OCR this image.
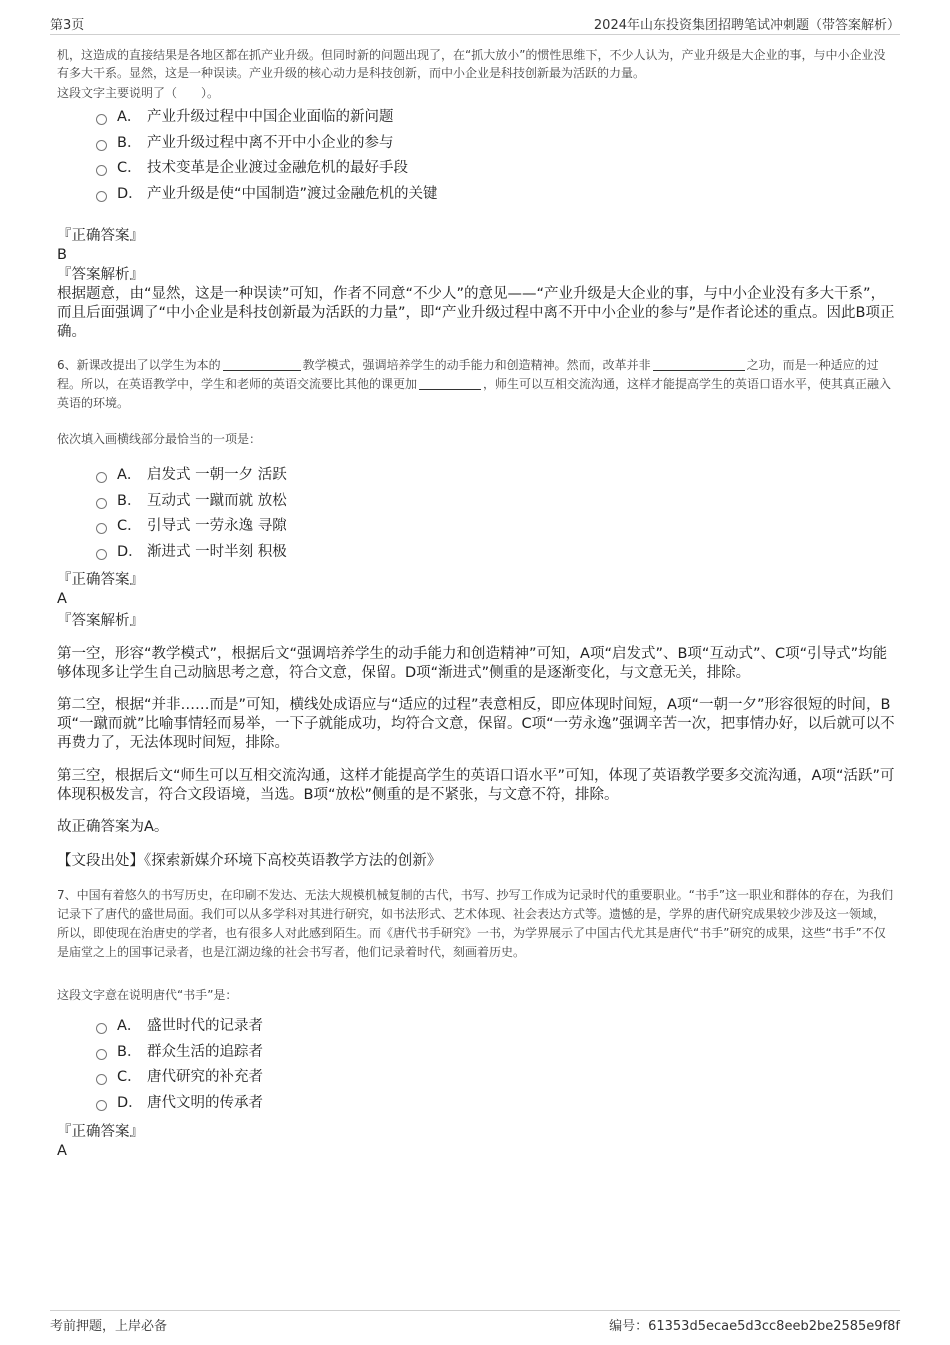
第3页	2024年山东投资集团招聘笔试冲刺题（带答案解析）
机，这造成的直接结果是各地区都在抓产业升级。但同时新的问题出现了，在“抓大放小”的惯性思维下，不少人认为，产业升级是大企业的事，与中小企业没有多大干系。显然，这是一种误读。产业升级的核心动力是科技创新，而中小企业是科技创新最为活跃的力量。
这段文字主要说明了（　　）。
A． 产业升级过程中中国企业面临的新问题
B． 产业升级过程中离不开中小企业的参与
C． 技术变革是企业渡过金融危机的最好手段
D． 产业升级是使“中国制造”渡过金融危机的关键
『正确答案』
B
『答案解析』
根据题意，由“显然，这是一种误读”可知，作者不同意“不少人”的意见——“产业升级是大企业的事，与中小企业没有多大干系”，而且后面强调了“中小企业是科技创新最为活跃的力量”，即“产业升级过程中离不开中小企业的参与”是作者论述的重点。因此B项正确。
6、新课改提出了以学生为本的	教学模式，强调培养学生的动手能力和创造精神。然而，改革并非	之功，而是一种适应的过程。所以，在英语教学中，学生和老师的英语交流要比其他的课更加	，师生可以互相交流沟通，这样才能提高学生的英语口语水平，使其真正融入英语的环境。
依次填入画横线部分最恰当的一项是：
A． 启发式 一朝一夕 活跃
B． 互动式 一蹴而就 放松
C． 引导式 一劳永逸 寻隙
D． 渐进式 一时半刻 积极
『正确答案』
A
『答案解析』
第一空，形容“教学模式”，根据后文“强调培养学生的动手能力和创造精神”可知，A项“启发式”、B项“互动式”、C项“引导式”均能够体现多让学生自己动脑思考之意，符合文意，保留。D项“渐进式”侧重的是逐渐变化，与文意无关，排除。
第二空，根据“并非……而是”可知，横线处成语应与“适应的过程”表意相反，即应体现时间短，A项“一朝一夕”形容很短的时间，B项“一蹴而就”比喻事情轻而易举，一下子就能成功，均符合文意，保留。C项“一劳永逸”强调辛苦一次，把事情办好，以后就可以不再费力了，无法体现时间短，排除。
第三空，根据后文“师生可以互相交流沟通，这样才能提高学生的英语口语水平”可知，体现了英语教学要多交流沟通，A项“活跃”可体现积极发言，符合文段语境，当选。B项“放松”侧重的是不紧张，与文意不符，排除。
故正确答案为A。
【文段出处】《探索新媒介环境下高校英语教学方法的创新》
7、中国有着悠久的书写历史，在印刷不发达、无法大规模机械复制的古代，书写、抄写工作成为记录时代的重要职业。“书手”这一职业和群体的存在，为我们记录下了唐代的盛世局面。我们可以从多学科对其进行研究，如书法形式、艺术体现、社会表达方式等。遗憾的是，学界的唐代研究成果较少涉及这一领域，所以，即使现在治唐史的学者，也有很多人对此感到陌生。而《唐代书手研究》一书，为学界展示了中国古代尤其是唐代“书手”研究的成果，这些“书手”不仅是庙堂之上的国事记录者，也是江湖边缘的社会书写者，他们记录着时代，刻画着历史。
这段文字意在说明唐代“书手”是：
A． 盛世时代的记录者
B． 群众生活的追踪者
C． 唐代研究的补充者
D． 唐代文明的传承者
『正确答案』
A
考前押题，上岸必备	编号：61353d5ecae5d3cc8eeb2be2585e9f8f
